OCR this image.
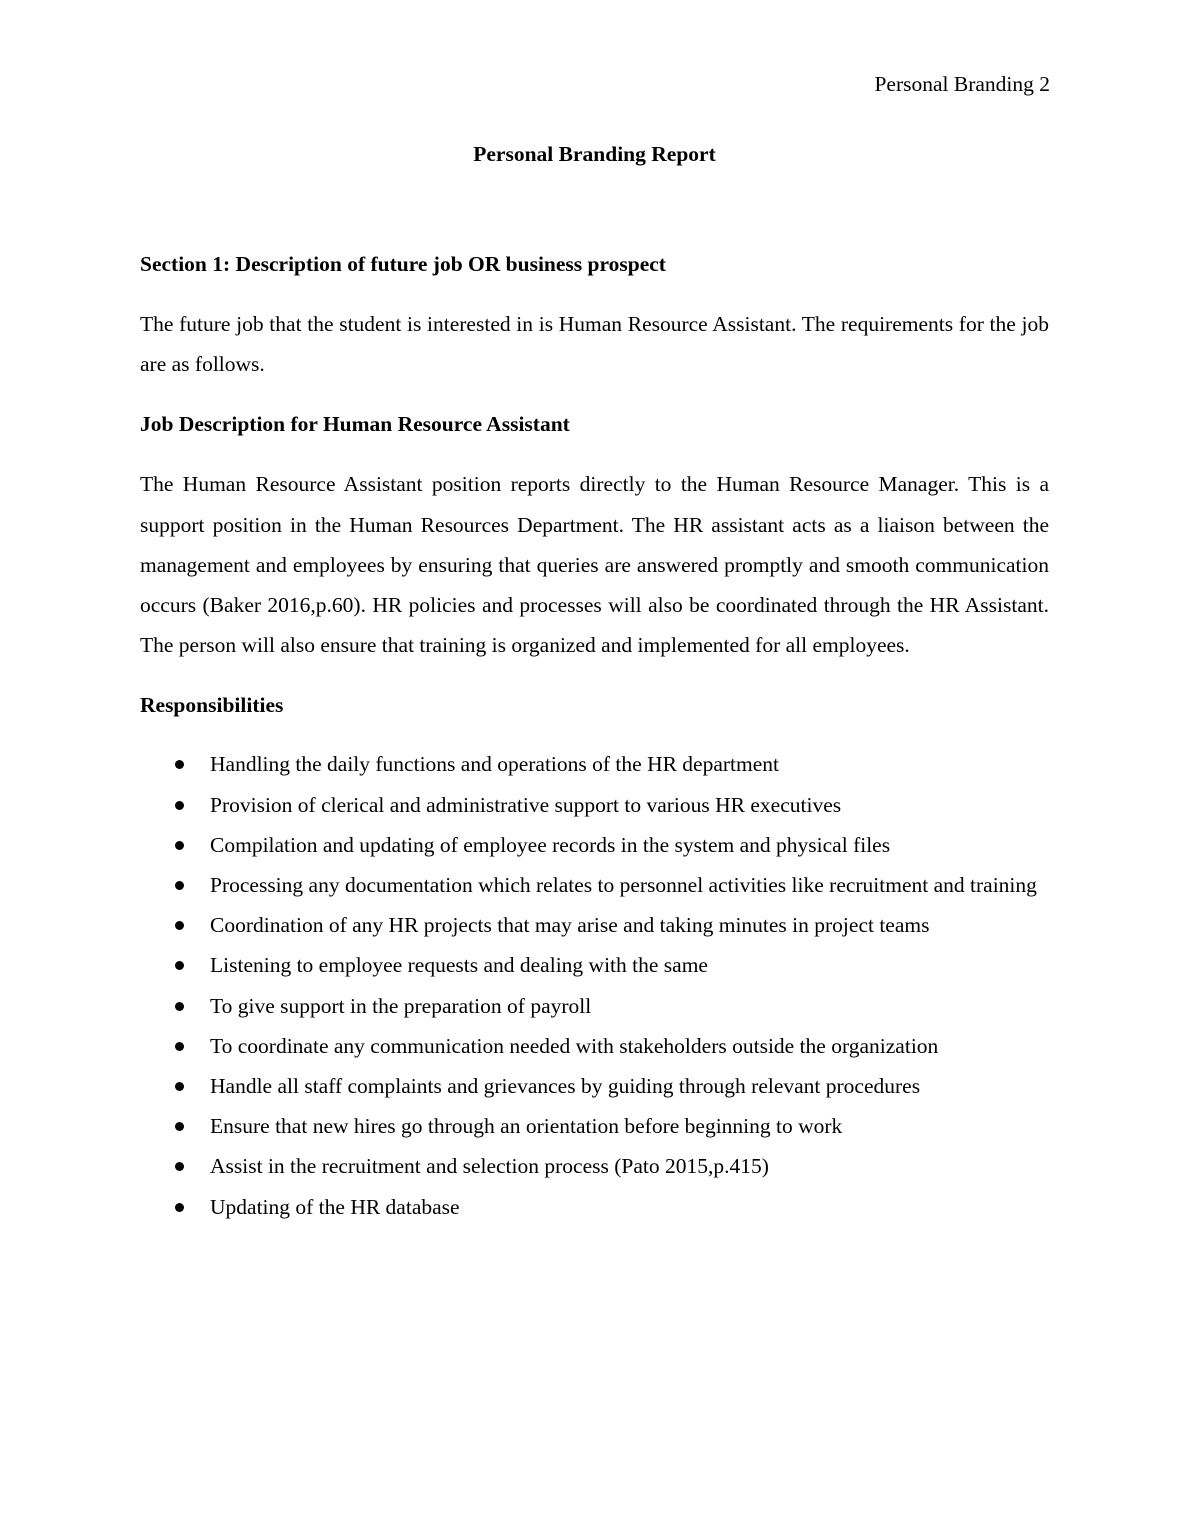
Personal Branding 2

Personal Branding Report

Section 1: Description of future job OR business prospect

The future job that the student is interested in is Human Resource Assistant. The requirements for the job are as follows.

Job Description for Human Resource Assistant

The Human Resource Assistant position reports directly to the Human Resource Manager. This is a support position in the Human Resources Department. The HR assistant acts as a liaison between the management and employees by ensuring that queries are answered promptly and smooth communication occurs (Baker 2016,p.60). HR policies and processes will also be coordinated through the HR Assistant. The person will also ensure that training is organized and implemented for all employees.

Responsibilities

Handling the daily functions and operations of the HR department
Provision of clerical and administrative support to various HR executives
Compilation and updating of employee records in the system and physical files
Processing any documentation which relates to personnel activities like recruitment and training
Coordination of any HR projects that may arise and taking minutes in project teams
Listening to employee requests and dealing with the same
To give support in the preparation of payroll
To coordinate any communication needed with stakeholders outside the organization
Handle all staff complaints and grievances by guiding through relevant procedures
Ensure that new hires go through an orientation before beginning to work
Assist in the recruitment and selection process (Pato 2015,p.415)
Updating of the HR database
